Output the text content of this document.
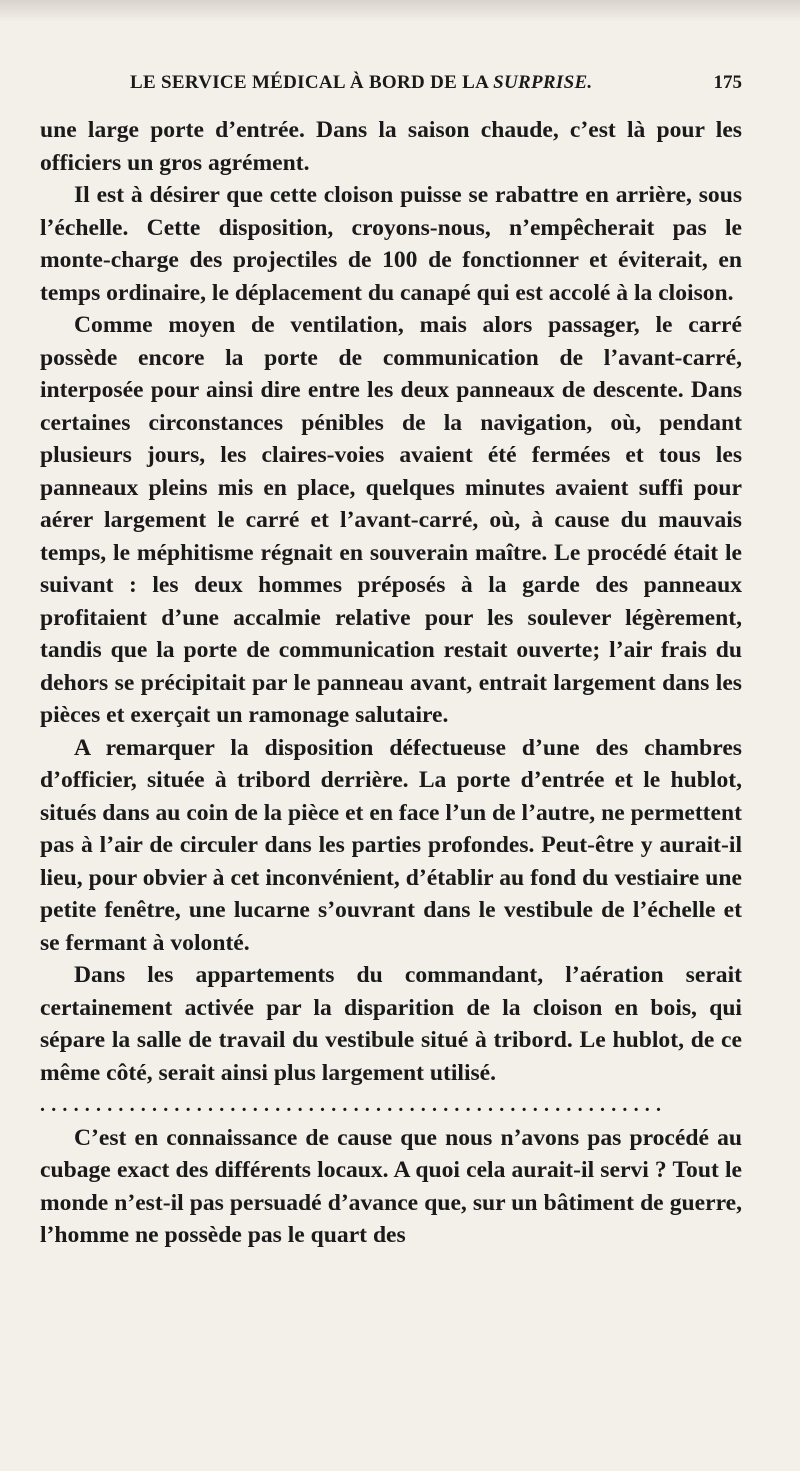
LE SERVICE MÉDICAL À BORD DE LA SURPRISE.	175

une large porte d’entrée. Dans la saison chaude, c’est là pour les officiers un gros agrément.

Il est à désirer que cette cloison puisse se rabattre en arrière, sous l’échelle. Cette disposition, croyons-nous, n’empêcherait pas le monte-charge des projectiles de 100 de fonctionner et éviterait, en temps ordinaire, le déplacement du canapé qui est accolé à la cloison.

Comme moyen de ventilation, mais alors passager, le carré possède encore la porte de communication de l’avant-carré, interposée pour ainsi dire entre les deux panneaux de descente. Dans certaines circonstances pénibles de la navigation, où, pendant plusieurs jours, les claires-voies avaient été fermées et tous les panneaux pleins mis en place, quelques minutes avaient suffi pour aérer largement le carré et l’avant-carré, où, à cause du mauvais temps, le méphitisme régnait en souverain maître. Le procédé était le suivant : les deux hommes préposés à la garde des panneaux profitaient d’une accalmie relative pour les soulever légèrement, tandis que la porte de communication restait ouverte; l’air frais du dehors se précipitait par le panneau avant, entrait largement dans les pièces et exerçait un ramonage salutaire.

A remarquer la disposition défectueuse d’une des chambres d’officier, située à tribord derrière. La porte d’entrée et le hublot, situés dans au coin de la pièce et en face l’un de l’autre, ne permettent pas à l’air de circuler dans les parties profondes. Peut-être y aurait-il lieu, pour obvier à cet inconvénient, d’établir au fond du vestiaire une petite fenêtre, une lucarne s’ouvrant dans le vestibule de l’échelle et se fermant à volonté.

Dans les appartements du commandant, l’aération serait certainement activée par la disparition de la cloison en bois, qui sépare la salle de travail du vestibule situé à tribord. Le hublot, de ce même côté, serait ainsi plus largement utilisé.

........................................................

C’est en connaissance de cause que nous n’avons pas procédé au cubage exact des différents locaux. A quoi cela aurait-il servi ? Tout le monde n’est-il pas persuadé d’avance que, sur un bâtiment de guerre, l’homme ne possède pas le quart des
